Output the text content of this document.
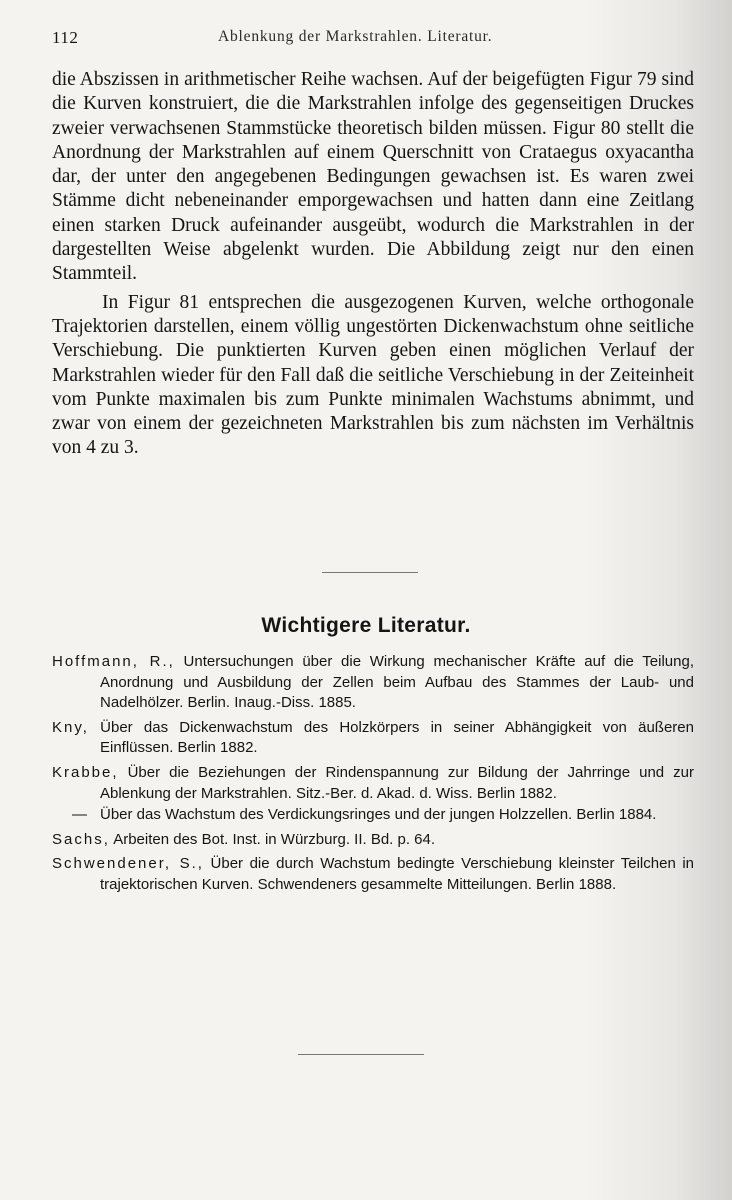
112	Ablenkung der Markstrahlen. Literatur.

die Abszissen in arithmetischer Reihe wachsen. Auf der beigefügten Figur 79 sind die Kurven konstruiert, die die Markstrahlen infolge des gegenseitigen Druckes zweier verwachsenen Stammstücke theoretisch bilden müssen. Figur 80 stellt die Anordnung der Markstrahlen auf einem Querschnitt von Crataegus oxyacantha dar, der unter den angegebenen Bedingungen gewachsen ist. Es waren zwei Stämme dicht nebeneinander emporgewachsen und hatten dann eine Zeitlang einen starken Druck aufeinander ausgeübt, wodurch die Markstrahlen in der dargestellten Weise abgelenkt wurden. Die Abbildung zeigt nur den einen Stammteil.

In Figur 81 entsprechen die ausgezogenen Kurven, welche orthogonale Trajektorien darstellen, einem völlig ungestörten Dickenwachstum ohne seitliche Verschiebung. Die punktierten Kurven geben einen möglichen Verlauf der Markstrahlen wieder für den Fall daß die seitliche Verschiebung in der Zeiteinheit vom Punkte maximalen bis zum Punkte minimalen Wachstums abnimmt, und zwar von einem der gezeichneten Markstrahlen bis zum nächsten im Verhältnis von 4 zu 3.

Wichtigere Literatur.
Hoffmann, R., Untersuchungen über die Wirkung mechanischer Kräfte auf die Teilung, Anordnung und Ausbildung der Zellen beim Aufbau des Stammes der Laub- und Nadelhölzer. Berlin. Inaug.-Diss. 1885.
Kny, Über das Dickenwachstum des Holzkörpers in seiner Abhängigkeit von äußeren Einflüssen. Berlin 1882.
Krabbe, Über die Beziehungen der Rindenspannung zur Bildung der Jahrringe und zur Ablenkung der Markstrahlen. Sitz.-Ber. d. Akad. d. Wiss. Berlin 1882.
— Über das Wachstum des Verdickungsringes und der jungen Holzzellen. Berlin 1884.
Sachs, Arbeiten des Bot. Inst. in Würzburg. II. Bd. p. 64.
Schwendener, S., Über die durch Wachstum bedingte Verschiebung kleinster Teilchen in trajektorischen Kurven. Schwendeners gesammelte Mitteilungen. Berlin 1888.
